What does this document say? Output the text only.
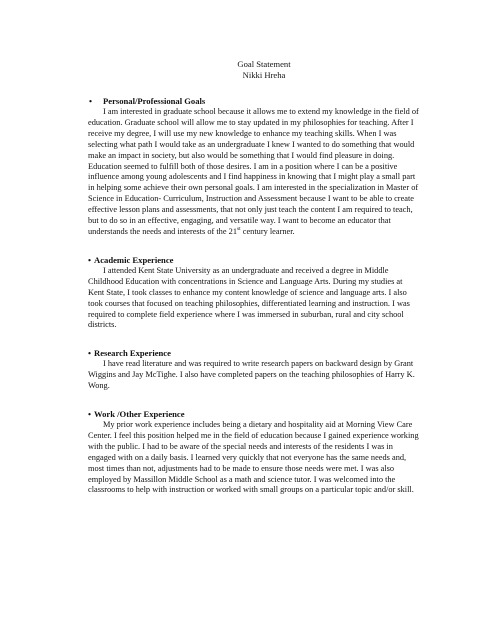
Goal Statement
Nikki Hreha
• Personal/Professional Goals
I am interested in graduate school because it allows me to extend my knowledge in the field of education. Graduate school will allow me to stay updated in my philosophies for teaching. After I receive my degree, I will use my new knowledge to enhance my teaching skills. When I was selecting what path I would take as an undergraduate I knew I wanted to do something that would make an impact in society, but also would be something that I would find pleasure in doing. Education seemed to fulfill both of those desires. I am in a position where I can be a positive influence among young adolescents and I find happiness in knowing that I might play a small part in helping some achieve their own personal goals. I am interested in the specialization in Master of Science in Education- Curriculum, Instruction and Assessment because I want to be able to create effective lesson plans and assessments, that not only just teach the content I am required to teach, but to do so in an effective, engaging, and versatile way. I want to become an educator that understands the needs and interests of the 21st century learner.
• Academic Experience
I attended Kent State University as an undergraduate and received a degree in Middle Childhood Education with concentrations in Science and Language Arts. During my studies at Kent State, I took classes to enhance my content knowledge of science and language arts. I also took courses that focused on teaching philosophies, differentiated learning and instruction. I was required to complete field experience where I was immersed in suburban, rural and city school districts.
• Research Experience
I have read literature and was required to write research papers on backward design by Grant Wiggins and Jay McTighe. I also have completed papers on the teaching philosophies of Harry K. Wong.
• Work /Other Experience
My prior work experience includes being a dietary and hospitality aid at Morning View Care Center. I feel this position helped me in the field of education because I gained experience working with the public. I had to be aware of the special needs and interests of the residents I was in engaged with on a daily basis. I learned very quickly that not everyone has the same needs and, most times than not, adjustments had to be made to ensure those needs were met. I was also employed by Massillon Middle School as a math and science tutor. I was welcomed into the classrooms to help with instruction or worked with small groups on a particular topic and/or skill.
